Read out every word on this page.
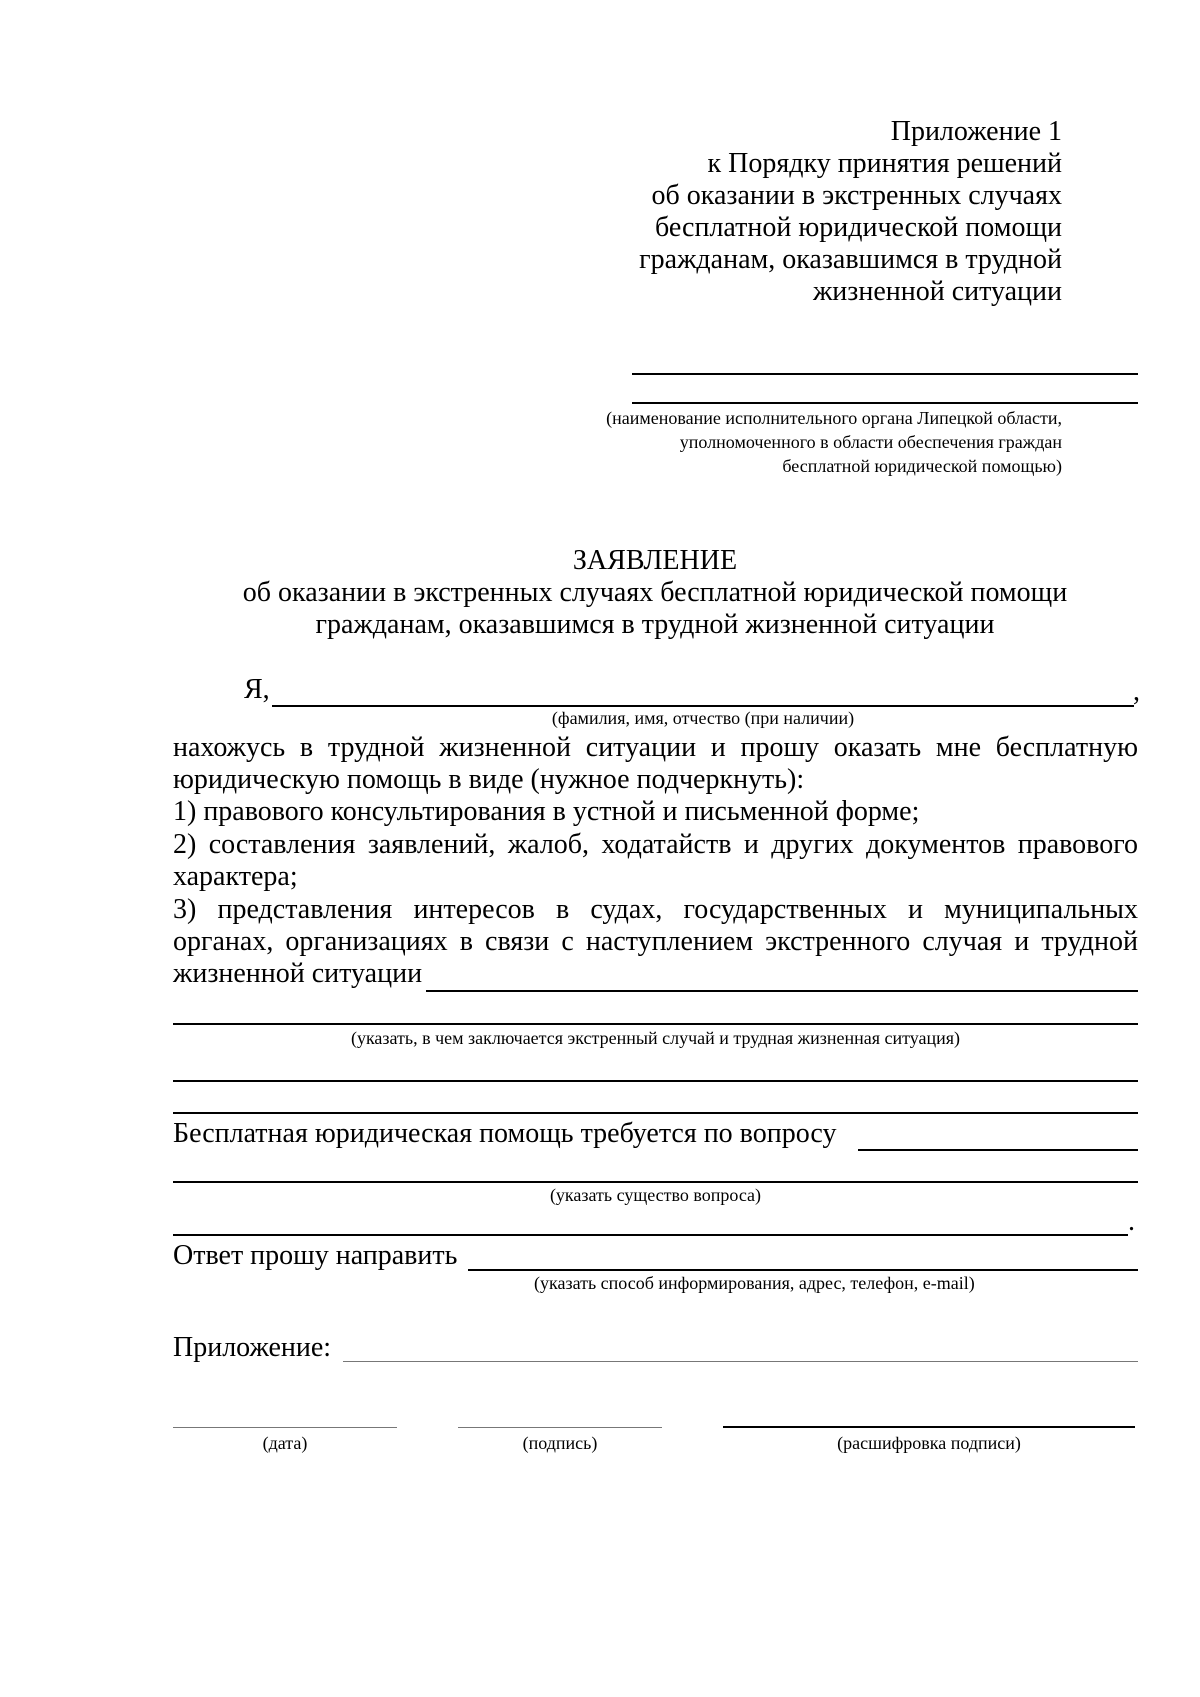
Приложение 1
к Порядку принятия решений
об оказании в экстренных случаях
бесплатной юридической помощи
гражданам, оказавшимся в трудной
жизненной ситуации
(наименование исполнительного органа Липецкой области,
уполномоченного в области обеспечения граждан
бесплатной юридической помощью)
ЗАЯВЛЕНИЕ
об оказании в экстренных случаях бесплатной юридической помощи
гражданам, оказавшимся в трудной жизненной ситуации
Я,	,
(фамилия, имя, отчество (при наличии)
нахожусь в трудной жизненной ситуации и прошу оказать мне бесплатную
юридическую помощь в виде (нужное подчеркнуть):
1) правового консультирования в устной и письменной форме;
2) составления заявлений, жалоб, ходатайств и других документов правового
характера;
3) представления интересов в судах, государственных и муниципальных
органах, организациях в связи с наступлением экстренного случая и трудной
жизненной ситуации
(указать, в чем заключается экстренный случай и трудная жизненная ситуация)
Бесплатная юридическая помощь требуется по вопросу
(указать существо вопроса)
.
Ответ прошу направить
(указать способ информирования, адрес, телефон, e-mail)
Приложение:
(дата)	(подпись)	(расшифровка подписи)
